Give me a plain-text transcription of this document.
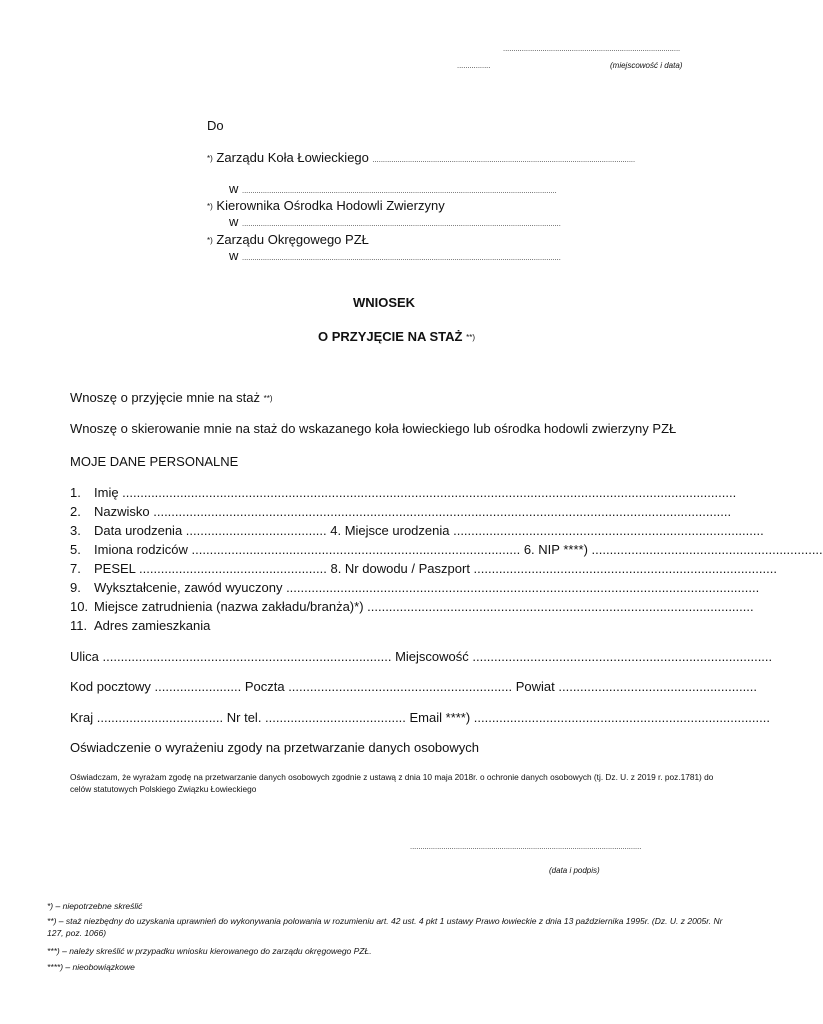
.....................................................................................
................	(miejscowość i data)
Do
*) Zarządu Koła Łowieckiego ..............................................................................................................................
w .......................................................................................................................................................
*) Kierownika Ośrodka Hodowli Zwierzyny
w .........................................................................................................................................................
*) Zarządu Okręgowego PZŁ
w .........................................................................................................................................................
WNIOSEK
O PRZYJĘCIE NA STAŻ **)
Wnoszę o przyjęcie mnie na staż **)
Wnoszę o skierowanie mnie na staż do wskazanego koła łowieckiego lub ośrodka hodowli zwierzyny PZŁ
MOJE DANE PERSONALNE
1.	Imię ..........................................................................................................................................................................
2.	Nazwisko ................................................................................................................................................................
3.	Data urodzenia ....................................... 4. Miejsce urodzenia ......................................................................................
5.	Imiona rodziców ........................................................................................... 6. NIP ****) ................................................................
7.	PESEL .................................................... 8. Nr dowodu / Paszport ....................................................................................
9.	Wykształcenie, zawód wyuczony ...................................................................................................................................
10. Miejsce zatrudnienia (nazwa zakładu/branża)*) ...........................................................................................................
11. Adres zamieszkania
Ulica ................................................................................ Miejscowość ...................................................................................
Kod pocztowy ........................ Poczta .............................................................. Powiat .......................................................
Kraj ................................... Nr tel. ....................................... Email ****) ..................................................................................
Oświadczenie o wyrażeniu zgody na przetwarzanie danych osobowych
Oświadczam, że wyrażam zgodę na przetwarzanie danych osobowych zgodnie z ustawą z dnia 10 maja 2018r. o ochronie danych osobowych (tj. Dz. U. z 2019 r. poz.1781) do celów statutowych Polskiego Związku Łowieckiego
...............................................................................................................
(data i podpis)
*) – niepotrzebne skreślić
**) – staż niezbędny do uzyskania uprawnień do wykonywania polowania w rozumieniu art. 42 ust. 4 pkt 1 ustawy Prawo łowieckie z dnia 13 października 1995r. (Dz. U. z 2005r. Nr 127, poz. 1066)
***) – należy skreślić w przypadku wniosku kierowanego do zarządu okręgowego PZŁ.
****) – nieobowiązkowe
